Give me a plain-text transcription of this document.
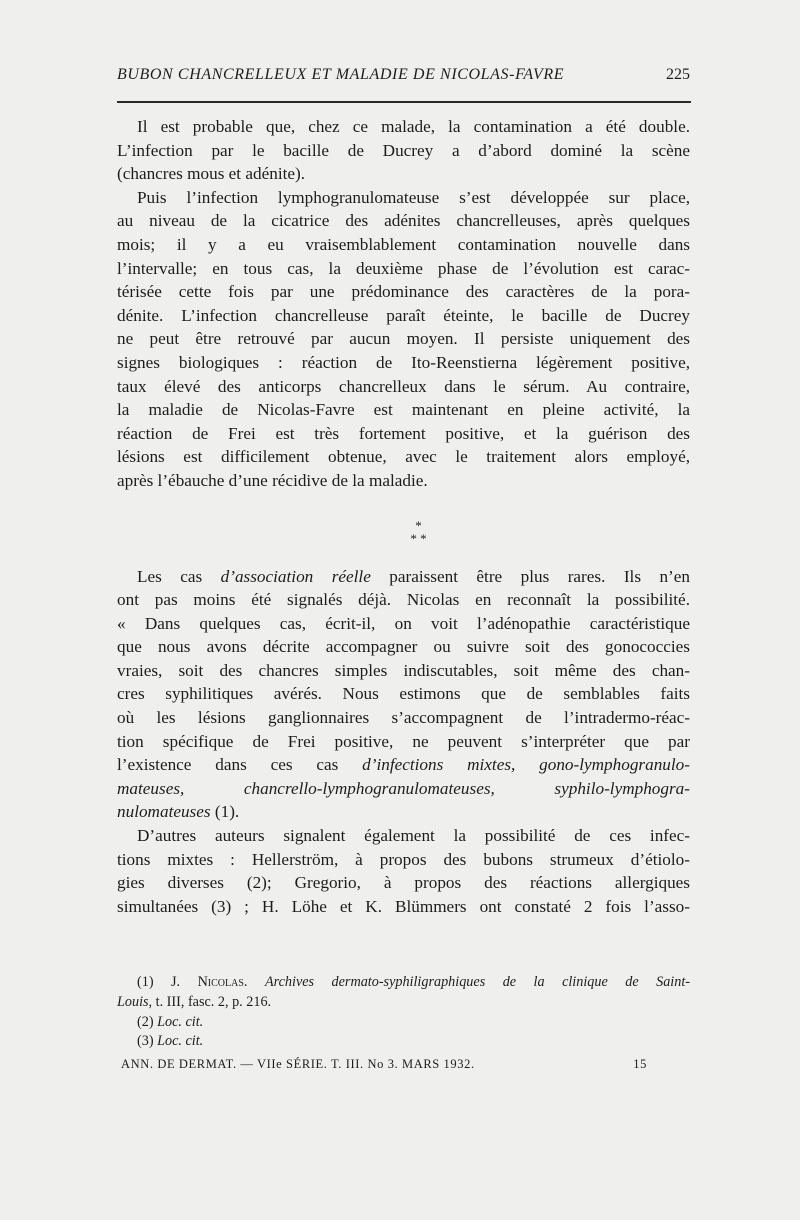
BUBON CHANCRELLEUX ET MALADIE DE NICOLAS-FAVRE	225
Il est probable que, chez ce malade, la contamination a été double.
L’infection par le bacille de Ducrey a d’abord dominé la scène
(chancres mous et adénite).
Puis l’infection lymphogranulomateuse s’est développée sur place,
au niveau de la cicatrice des adénites chancrelleuses, après quelques
mois; il y a eu vraisemblablement contamination nouvelle dans
l’intervalle; en tous cas, la deuxième phase de l’évolution est carac-
térisée cette fois par une prédominance des caractères de la pora-
dénite. L’infection chancrelleuse paraît éteinte, le bacille de Ducrey
ne peut être retrouvé par aucun moyen. Il persiste uniquement des
signes biologiques : réaction de Ito-Reenstierna légèrement positive,
taux élevé des anticorps chancrelleux dans le sérum. Au contraire,
la maladie de Nicolas-Favre est maintenant en pleine activité, la
réaction de Frei est très fortement positive, et la guérison des
lésions est difficilement obtenue, avec le traitement alors employé,
après l’ébauche d’une récidive de la maladie.
*
* *
Les cas d’association réelle paraissent être plus rares. Ils n’en
ont pas moins été signalés déjà. Nicolas en reconnaît la possibilité.
« Dans quelques cas, écrit-il, on voit l’adénopathie caractéristique
que nous avons décrite accompagner ou suivre soit des gonococcies
vraies, soit des chancres simples indiscutables, soit même des chan-
cres syphilitiques avérés. Nous estimons que de semblables faits
où les lésions ganglionnaires s’accompagnent de l’intradermo-réac-
tion spécifique de Frei positive, ne peuvent s’interpréter que par
l’existence dans ces cas d’infections mixtes, gono-lymphogranulo-
mateuses, chancrello-lymphogranulomateuses, syphilo-lymphogra-
nulomateuses (1).
D’autres auteurs signalent également la possibilité de ces infec-
tions mixtes : Hellerström, à propos des bubons strumeux d’étiolo-
gies diverses (2); Gregorio, à propos des réactions allergiques
simultanées (3) ; H. Löhe et K. Blümmers ont constaté 2 fois l’asso-
(1) J. Nicolas. Archives dermato-syphiligraphiques de la clinique de Saint-
Louis, t. III, fasc. 2, p. 216.
(2) Loc. cit.
(3) Loc. cit.
ANN. DE DERMAT. — VIIe SÉRIE. T. III. No 3. MARS 1932.	15
